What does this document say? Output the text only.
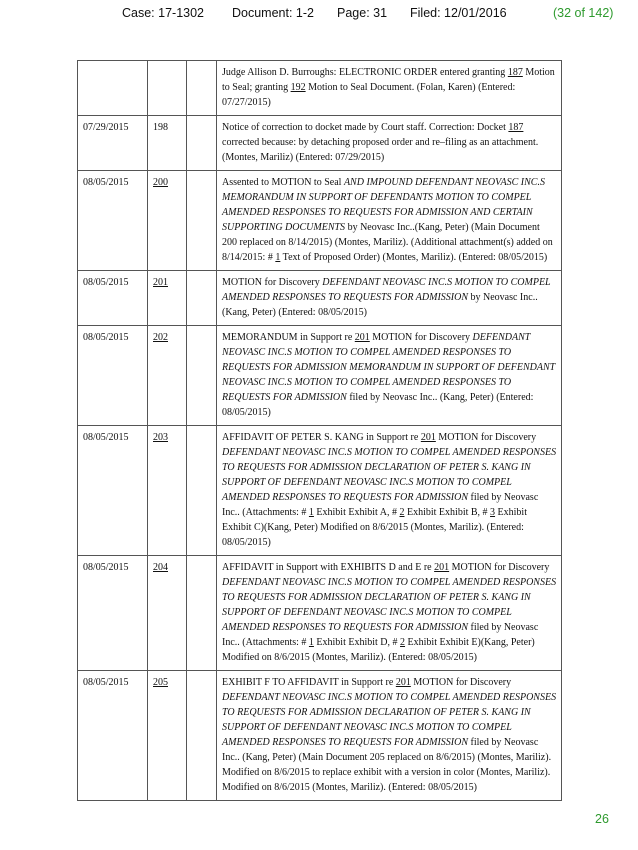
Case: 17-1302 Document: 1-2 Page: 31 Filed: 12/01/2016	(32 of 142)
			Judge Allison D. Burroughs: ELECTRONIC ORDER entered granting 187 Motion to Seal; granting 192 Motion to Seal Document. (Folan, Karen) (Entered: 07/27/2015)
07/29/2015	198		Notice of correction to docket made by Court staff. Correction: Docket 187 corrected because: by detaching proposed order and re–filing as an attachment. (Montes, Mariliz) (Entered: 07/29/2015)
08/05/2015	200		Assented to MOTION to Seal AND IMPOUND DEFENDANT NEOVASC INC.S MEMORANDUM IN SUPPORT OF DEFENDANTS MOTION TO COMPEL AMENDED RESPONSES TO REQUESTS FOR ADMISSION AND CERTAIN SUPPORTING DOCUMENTS by Neovasc Inc..(Kang, Peter) (Main Document 200 replaced on 8/14/2015) (Montes, Mariliz). (Additional attachment(s) added on 8/14/2015: # 1 Text of Proposed Order) (Montes, Mariliz). (Entered: 08/05/2015)
08/05/2015	201		MOTION for Discovery DEFENDANT NEOVASC INC.S MOTION TO COMPEL AMENDED RESPONSES TO REQUESTS FOR ADMISSION by Neovasc Inc..(Kang, Peter) (Entered: 08/05/2015)
08/05/2015	202		MEMORANDUM in Support re 201 MOTION for Discovery DEFENDANT NEOVASC INC.S MOTION TO COMPEL AMENDED RESPONSES TO REQUESTS FOR ADMISSION MEMORANDUM IN SUPPORT OF DEFENDANT NEOVASC INC.S MOTION TO COMPEL AMENDED RESPONSES TO REQUESTS FOR ADMISSION filed by Neovasc Inc.. (Kang, Peter) (Entered: 08/05/2015)
08/05/2015	203		AFFIDAVIT OF PETER S. KANG in Support re 201 MOTION for Discovery DEFENDANT NEOVASC INC.S MOTION TO COMPEL AMENDED RESPONSES TO REQUESTS FOR ADMISSION DECLARATION OF PETER S. KANG IN SUPPORT OF DEFENDANT NEOVASC INC.S MOTION TO COMPEL AMENDED RESPONSES TO REQUESTS FOR ADMISSION filed by Neovasc Inc.. (Attachments: # 1 Exhibit Exhibit A, # 2 Exhibit Exhibit B, # 3 Exhibit Exhibit C)(Kang, Peter) Modified on 8/6/2015 (Montes, Mariliz). (Entered: 08/05/2015)
08/05/2015	204		AFFIDAVIT in Support with EXHIBITS D and E re 201 MOTION for Discovery DEFENDANT NEOVASC INC.S MOTION TO COMPEL AMENDED RESPONSES TO REQUESTS FOR ADMISSION DECLARATION OF PETER S. KANG IN SUPPORT OF DEFENDANT NEOVASC INC.S MOTION TO COMPEL AMENDED RESPONSES TO REQUESTS FOR ADMISSION filed by Neovasc Inc.. (Attachments: # 1 Exhibit Exhibit D, # 2 Exhibit Exhibit E)(Kang, Peter) Modified on 8/6/2015 (Montes, Mariliz). (Entered: 08/05/2015)
08/05/2015	205		EXHIBIT F TO AFFIDAVIT in Support re 201 MOTION for Discovery DEFENDANT NEOVASC INC.S MOTION TO COMPEL AMENDED RESPONSES TO REQUESTS FOR ADMISSION DECLARATION OF PETER S. KANG IN SUPPORT OF DEFENDANT NEOVASC INC.S MOTION TO COMPEL AMENDED RESPONSES TO REQUESTS FOR ADMISSION filed by Neovasc Inc.. (Kang, Peter) (Main Document 205 replaced on 8/6/2015) (Montes, Mariliz). Modified on 8/6/2015 to replace exhibit with a version in color (Montes, Mariliz). Modified on 8/6/2015 (Montes, Mariliz). (Entered: 08/05/2015)
26
